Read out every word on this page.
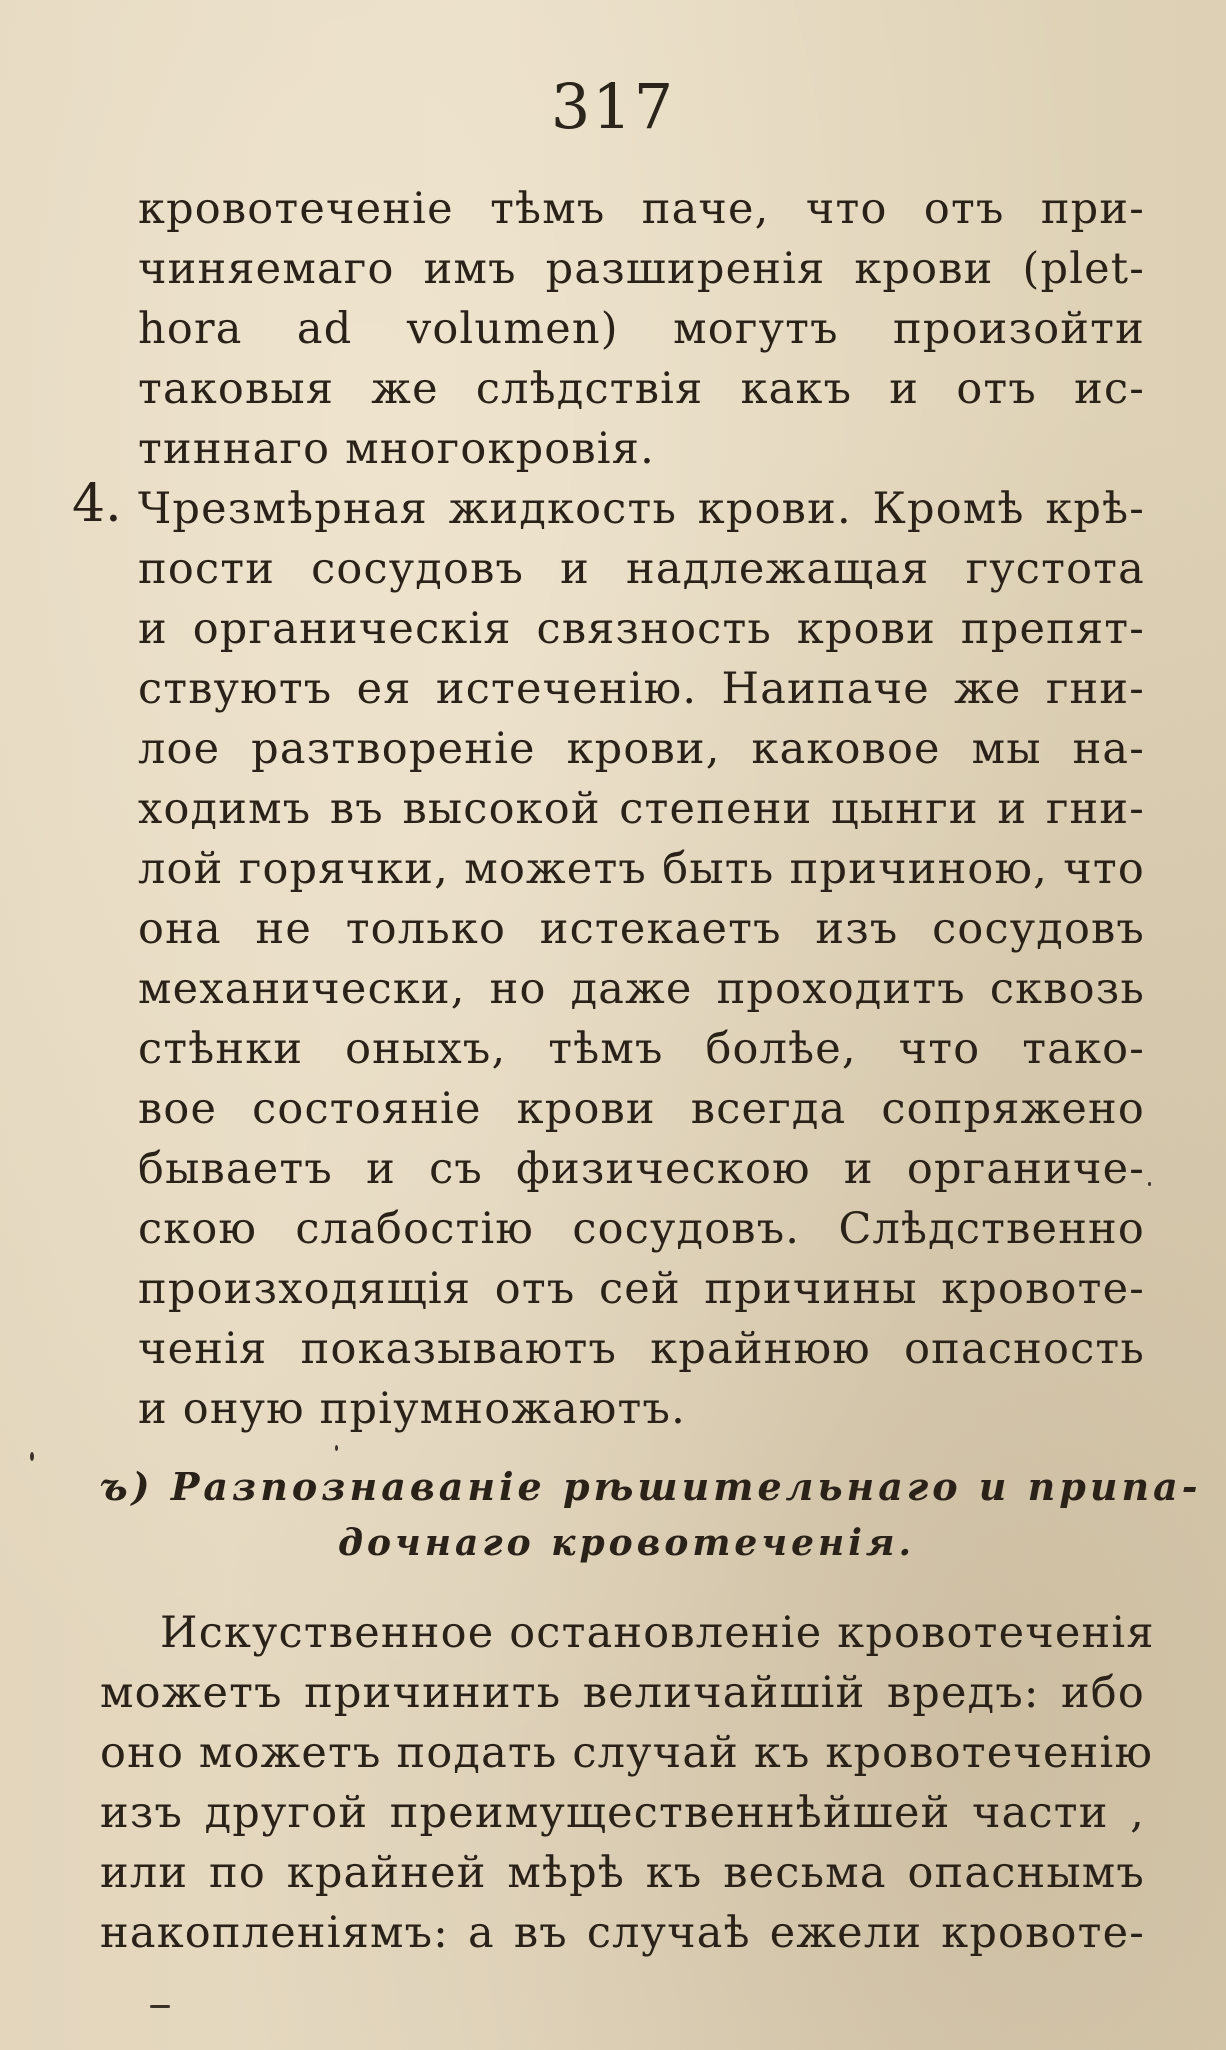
317
кровотеченіе тѣмъ паче, что отъ при-
чиняемаго имъ разширенія крови (plet-
hora ad volumen) могутъ произойти
таковыя же слѣдствія какъ и отъ ис-
тиннаго многокровія.
4. Чрезмѣрная жидкость крови. Кромѣ крѣ-
пости сосудовъ и надлежащая густота
и органическія связность крови препят-
ствуютъ ея истеченію. Наипаче же гни-
лое разтвореніе крови, каковое мы на-
ходимъ въ высокой степени цынги и гни-
лой горячки, можетъ быть причиною, что
она не только истекаетъ изъ сосудовъ
механически, но даже проходитъ сквозь
стѣнки оныхъ, тѣмъ болѣе, что тако-
вое состояніе крови всегда сопряжено
бываетъ и съ физическою и органиче-
скою слабостію сосудовъ. Слѣдственно
произходящія отъ сей причины кровоте-
ченія показываютъ крайнюю опасность
и оную пріумножаютъ.
ъ) Разпознаваніе рѣшительнаго и припа-
дочнаго кровотеченія.
Искуственное остановленіе кровотеченія
можетъ причинить величайшій вредъ: ибо
оно можетъ подать случай къ кровотеченію
изъ другой преимущественнѣйшей части ,
или по крайней мѣрѣ къ весьма опаснымъ
накопленіямъ: а въ случаѣ ежели кровоте-
